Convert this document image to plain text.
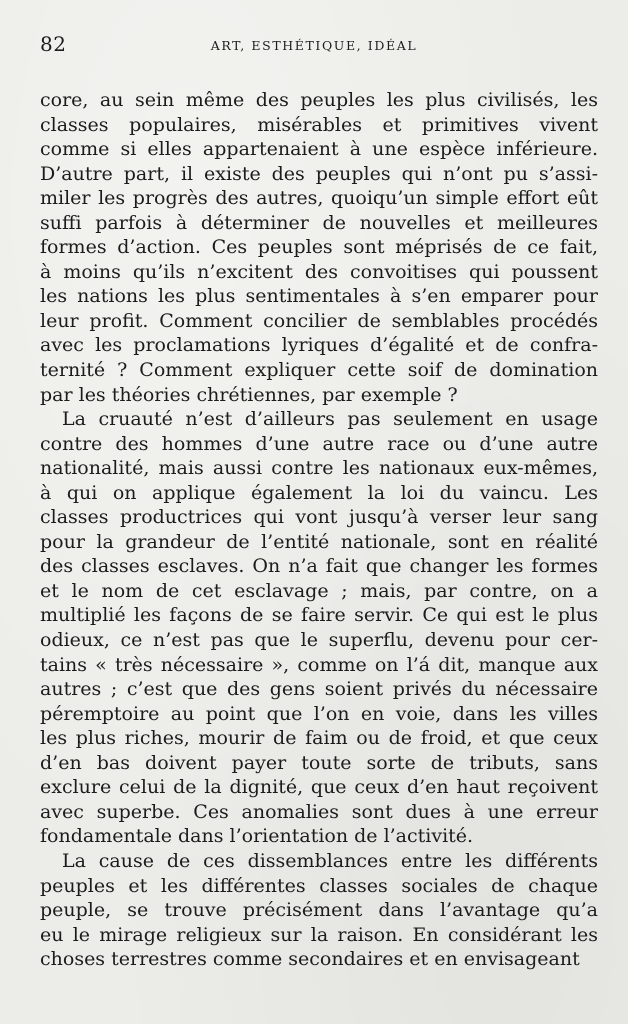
82	ART, ESTHÉTIQUE, IDÉAL
core, au sein même des peuples les plus civilisés, les
classes populaires, misérables et primitives vivent
comme si elles appartenaient à une espèce inférieure.
D’autre part, il existe des peuples qui n’ont pu s’assi-
miler les progrès des autres, quoiqu’un simple effort eût
suffi parfois à déterminer de nouvelles et meilleures
formes d’action. Ces peuples sont méprisés de ce fait,
à moins qu’ils n’excitent des convoitises qui poussent
les nations les plus sentimentales à s’en emparer pour
leur profit. Comment concilier de semblables procédés
avec les proclamations lyriques d’égalité et de confra-
ternité ? Comment expliquer cette soif de domination
par les théories chrétiennes, par exemple ?
La cruauté n’est d’ailleurs pas seulement en usage
contre des hommes d’une autre race ou d’une autre
nationalité, mais aussi contre les nationaux eux-mêmes,
à qui on applique également la loi du vaincu. Les
classes productrices qui vont jusqu’à verser leur sang
pour la grandeur de l’entité nationale, sont en réalité
des classes esclaves. On n’a fait que changer les formes
et le nom de cet esclavage ; mais, par contre, on a
multiplié les façons de se faire servir. Ce qui est le plus
odieux, ce n’est pas que le superflu, devenu pour cer-
tains « très nécessaire », comme on l’á dit, manque aux
autres ; c’est que des gens soient privés du nécessaire
péremptoire au point que l’on en voie, dans les villes
les plus riches, mourir de faim ou de froid, et que ceux
d’en bas doivent payer toute sorte de tributs, sans
exclure celui de la dignité, que ceux d’en haut reçoivent
avec superbe. Ces anomalies sont dues à une erreur
fondamentale dans l’orientation de l’activité.
La cause de ces dissemblances entre les différents
peuples et les différentes classes sociales de chaque
peuple, se trouve précisément dans l’avantage qu’a
eu le mirage religieux sur la raison. En considérant les
choses terrestres comme secondaires et en envisageant
